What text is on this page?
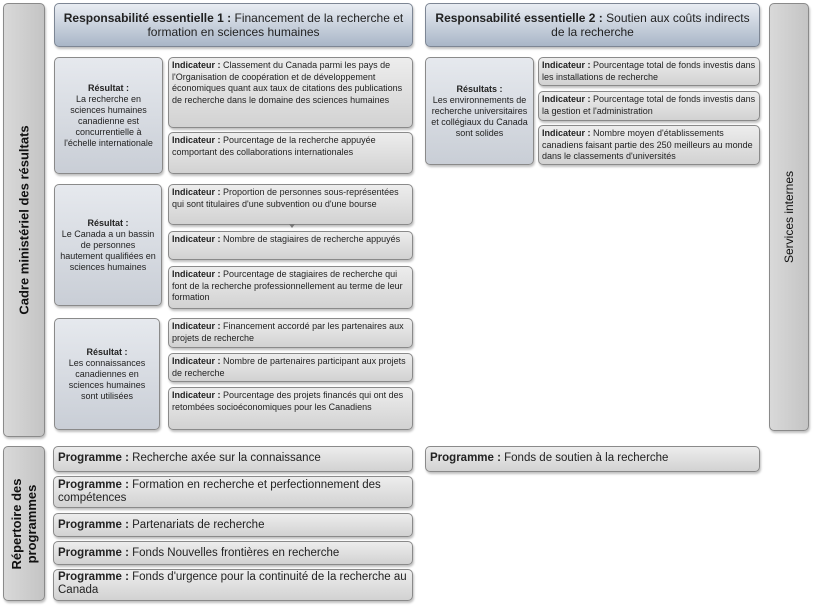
Cadre ministériel des résultats
Répertoire des programmes
Services internes
Responsabilité essentielle 1 : Financement de la recherche et formation en sciences humaines
Responsabilité essentielle 2 : Soutien aux coûts indirects de la recherche
Résultat :
La recherche en sciences humaines canadienne est concurrentielle à l'échelle internationale
Résultat :
Le Canada a un bassin de personnes hautement qualifiées en sciences humaines
Résultat :
Les connaissances canadiennes en sciences humaines sont utilisées
Résultats :
Les environnements de recherche universitaires et collégiaux du Canada sont solides
Indicateur : Classement du Canada parmi les pays de l'Organisation de coopération et de développement économiques quant aux taux de citations des publications de recherche dans le domaine des sciences humaines
Indicateur : Pourcentage de la recherche appuyée comportant des collaborations internationales
Indicateur : Proportion de personnes sous-représentées qui sont titulaires d'une subvention ou d'une bourse
Indicateur : Nombre de stagiaires de recherche appuyés
Indicateur : Pourcentage de stagiaires de recherche qui font de la recherche professionnellement au terme de leur formation
Indicateur : Financement accordé par les partenaires aux projets de recherche
Indicateur : Nombre de partenaires participant aux projets de recherche
Indicateur : Pourcentage des projets financés qui ont des retombées socioéconomiques pour les Canadiens
Indicateur : Pourcentage total de fonds investis dans les installations de recherche
Indicateur : Pourcentage total de fonds investis dans la gestion et l'administration
Indicateur : Nombre moyen d'établissements canadiens faisant partie des 250 meilleurs au monde dans le classements d'universités
Programme : Recherche axée sur la connaissance
Programme : Formation en recherche et perfectionnement des compétences
Programme : Partenariats de recherche
Programme : Fonds Nouvelles frontières en recherche
Programme : Fonds d'urgence pour la continuité de la recherche au Canada
Programme : Fonds de soutien à la recherche
